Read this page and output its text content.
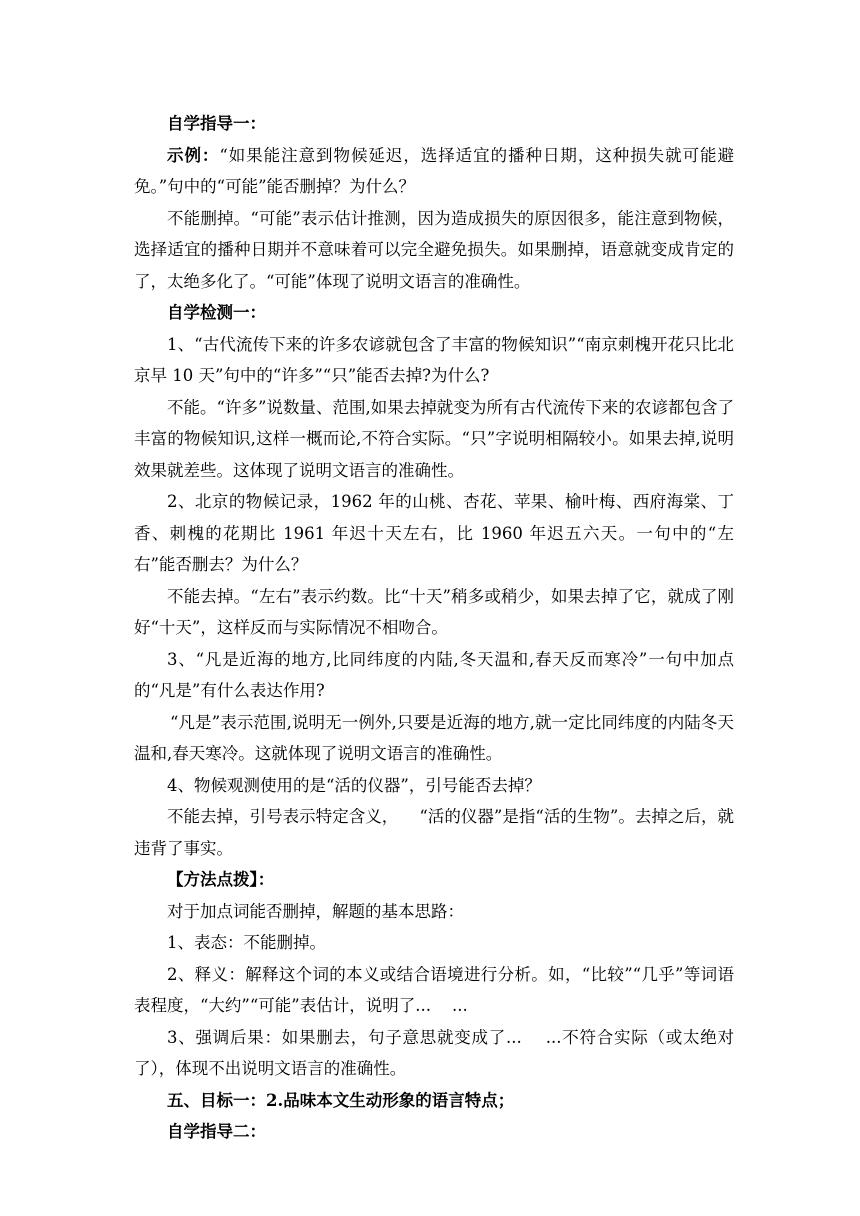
自学指导一：

示例：“如果能注意到物候延迟，选择适宜的播种日期，这种损失就可能避免。”句中的“可能”能否删掉？为什么？

不能删掉。“可能”表示估计推测，因为造成损失的原因很多，能注意到物候，选择适宜的播种日期并不意味着可以完全避免损失。如果删掉，语意就变成肯定的了，太绝多化了。“可能”体现了说明文语言的准确性。

自学检测一：

1、“古代流传下来的许多农谚就包含了丰富的物候知识”“南京刺槐开花只比北京早 10 天”句中的“许多”“只”能否去掉?为什么?

不能。“许多”说数量、范围,如果去掉就变为所有古代流传下来的农谚都包含了丰富的物候知识,这样一概而论,不符合实际。“只”字说明相隔较小。如果去掉,说明效果就差些。这体现了说明文语言的准确性。

2、北京的物候记录，1962 年的山桃、杏花、苹果、榆叶梅、西府海棠、丁香、刺槐的花期比 1961 年迟十天左右，比 1960 年迟五六天。一句中的“左右”能否删去？为什么？

不能去掉。“左右”表示约数。比“十天”稍多或稍少，如果去掉了它，就成了刚好“十天”，这样反而与实际情况不相吻合。

3、“凡是近海的地方,比同纬度的内陆,冬天温和,春天反而寒冷”一句中加点的“凡是”有什么表达作用?

“凡是”表示范围,说明无一例外,只要是近海的地方,就一定比同纬度的内陆冬天温和,春天寒冷。这就体现了说明文语言的准确性。

4、物候观测使用的是“活的仪器”，引号能否去掉？

不能去掉，引号表示特定含义，    “活的仪器”是指“活的生物”。去掉之后，就违背了事实。

【方法点拨】：

对于加点词能否删掉，解题的基本思路：

1、表态：不能删掉。

2、释义：解释这个词的本义或结合语境进行分析。如，“比较”“几乎”等词语表程度，“大约”“可能”表估计，说明了...    ...

3、强调后果：如果删去，句子意思就变成了...    ...不符合实际（或太绝对了），体现不出说明文语言的准确性。

五、目标一：2.品味本文生动形象的语言特点；

自学指导二：
